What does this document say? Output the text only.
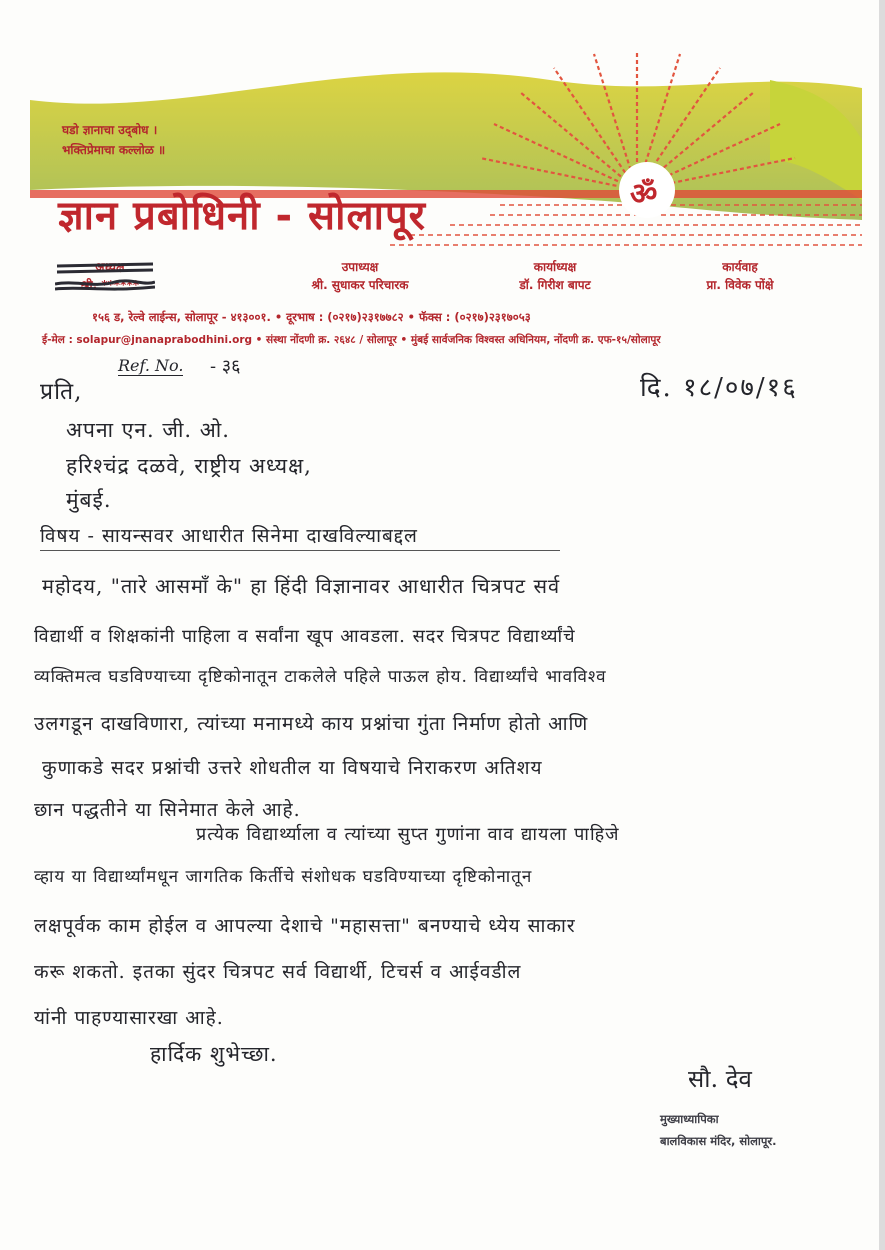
घडो ज्ञानाचा उद्‌बोध ।
भक्तिप्रेमाचा कल्लोळ ॥
ॐ
ज्ञान प्रबोधिनी - सोलापूर
अध्यक्ष
श्री. ******
उपाध्यक्ष
श्री. सुधाकर परिचारक
कार्याध्यक्ष
डॉ. गिरीश बापट
कार्यवाह
प्रा. विवेक पोंक्षे
१५६ ड, रेल्वे लाईन्स, सोलापूर - ४१३००१. • दूरभाष : (०२१७)२३१७७८२ • फॅक्स : (०२१७)२३१७०५३
ई-मेल : solapur@jnanaprabodhini.org • संस्था नोंदणी क्र. २६४८ / सोलापूर • मुंबई सार्वजनिक विश्वस्त अधिनियम, नोंदणी क्र. एफ-१५/सोलापूर
प्रति,
Ref. No. - ३६
दि. १८/०७/१६
अपना एन. जी. ओ.
हरिश्चंद्र दळवे, राष्ट्रीय अध्यक्ष,
मुंबई.
विषय - सायन्सवर आधारीत सिनेमा दाखविल्याबद्दल
महोदय, "तारे आसमाँ के" हा हिंदी विज्ञानावर आधारीत चित्रपट सर्व
विद्यार्थी व शिक्षकांनी पाहिला व सर्वांना खूप आवडला. सदर चित्रपट विद्यार्थ्यांचे
व्यक्तिमत्व घडविण्याच्या दृष्टिकोनातून टाकलेले पहिले पाऊल होय. विद्यार्थ्यांचे भावविश्व
उलगडून दाखविणारा, त्यांच्या मनामध्ये काय प्रश्नांचा गुंता निर्माण होतो आणि
कुणाकडे सदर प्रश्नांची उत्तरे शोधतील या विषयाचे निराकरण अतिशय
छान पद्धतीने या सिनेमात केले आहे.
प्रत्येक विद्यार्थ्याला व त्यांच्या सुप्त गुणांना वाव द्यायला पाहिजे
व्हाय या विद्यार्थ्यांमधून जागतिक किर्तीचे संशोधक घडविण्याच्या दृष्टिकोनातून
लक्षपूर्वक काम होईल व आपल्या देशाचे "महासत्ता" बनण्याचे ध्येय साकार
करू शकतो. इतका सुंदर चित्रपट सर्व विद्यार्थी, टिचर्स व आईवडील
यांनी पाहण्यासारखा आहे.
हार्दिक शुभेच्छा.
सौ. देव
मुख्याध्यापिका
बालविकास मंदिर, सोलापूर.
